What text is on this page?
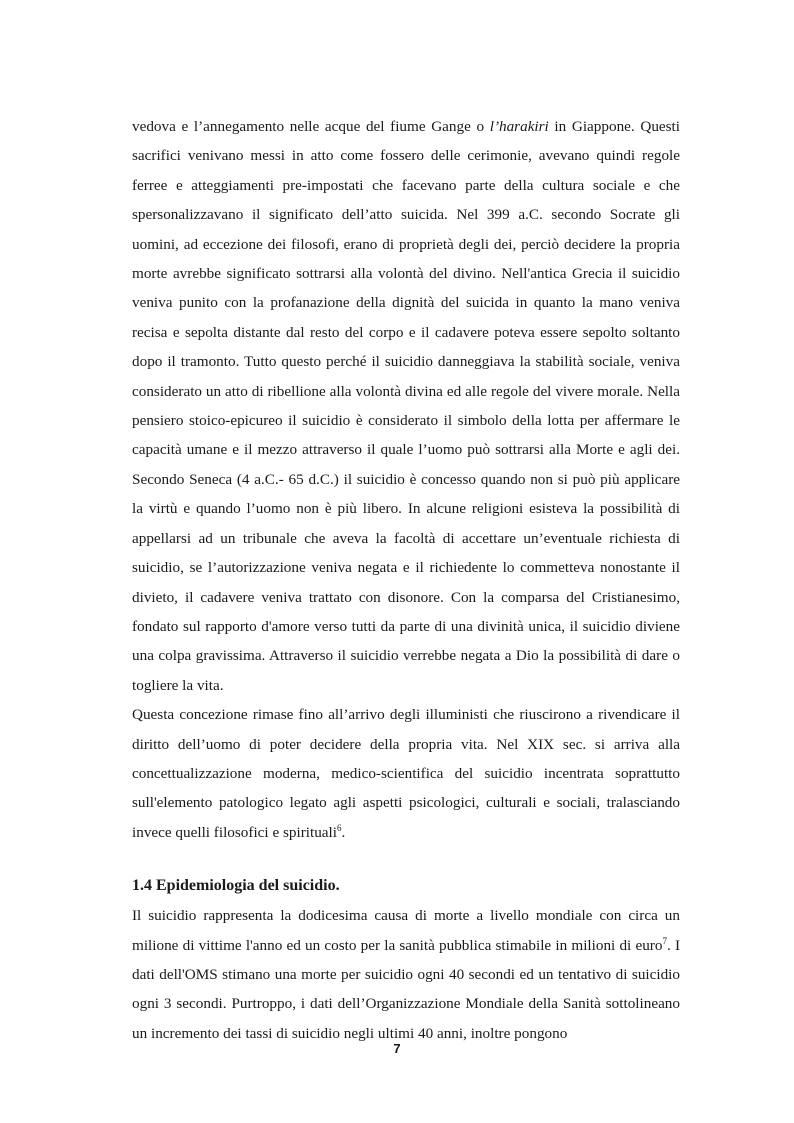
vedova e l’annegamento nelle acque del fiume Gange o l’harakiri in Giappone. Questi sacrifici venivano messi in atto come fossero delle cerimonie, avevano quindi regole ferree e atteggiamenti pre-impostati che facevano parte della cultura sociale e che spersonalizzavano il significato dell’atto suicida. Nel 399 a.C. secondo Socrate gli uomini, ad eccezione dei filosofi, erano di proprietà degli dei, perciò decidere la propria morte avrebbe significato sottrarsi alla volontà del divino. Nell'antica Grecia il suicidio veniva punito con la profanazione della dignità del suicida in quanto la mano veniva recisa e sepolta distante dal resto del corpo e il cadavere poteva essere sepolto soltanto dopo il tramonto. Tutto questo perché il suicidio danneggiava la stabilità sociale, veniva considerato un atto di ribellione alla volontà divina ed alle regole del vivere morale. Nella pensiero stoico-epicureo il suicidio è considerato il simbolo della lotta per affermare le capacità umane e il mezzo attraverso il quale l’uomo può sottrarsi alla Morte e agli dei. Secondo Seneca (4 a.C.- 65 d.C.) il suicidio è concesso quando non si può più applicare la virtù e quando l’uomo non è più libero. In alcune religioni esisteva la possibilità di appellarsi ad un tribunale che aveva la facoltà di accettare un’eventuale richiesta di suicidio, se l’autorizzazione veniva negata e il richiedente lo commetteva nonostante il divieto, il cadavere veniva trattato con disonore. Con la comparsa del Cristianesimo, fondato sul rapporto d'amore verso tutti da parte di una divinità unica, il suicidio diviene una colpa gravissima. Attraverso il suicidio verrebbe negata a Dio la possibilità di dare o togliere la vita.

Questa concezione rimase fino all’arrivo degli illuministi che riuscirono a rivendicare il diritto dell’uomo di poter decidere della propria vita. Nel XIX sec. si arriva alla concettualizzazione moderna, medico-scientifica del suicidio incentrata soprattutto sull'elemento patologico legato agli aspetti psicologici, culturali e sociali, tralasciando invece quelli filosofici e spirituali$^6$.

1.4 Epidemiologia del suicidio.

Il suicidio rappresenta la dodicesima causa di morte a livello mondiale con circa un milione di vittime l'anno ed un costo per la sanità pubblica stimabile in milioni di euro$^7$. I dati dell'OMS stimano una morte per suicidio ogni 40 secondi ed un tentativo di suicidio ogni 3 secondi. Purtroppo, i dati dell’Organizzazione Mondiale della Sanità sottolineano un incremento dei tassi di suicidio negli ultimi 40 anni, inoltre pongono

7
